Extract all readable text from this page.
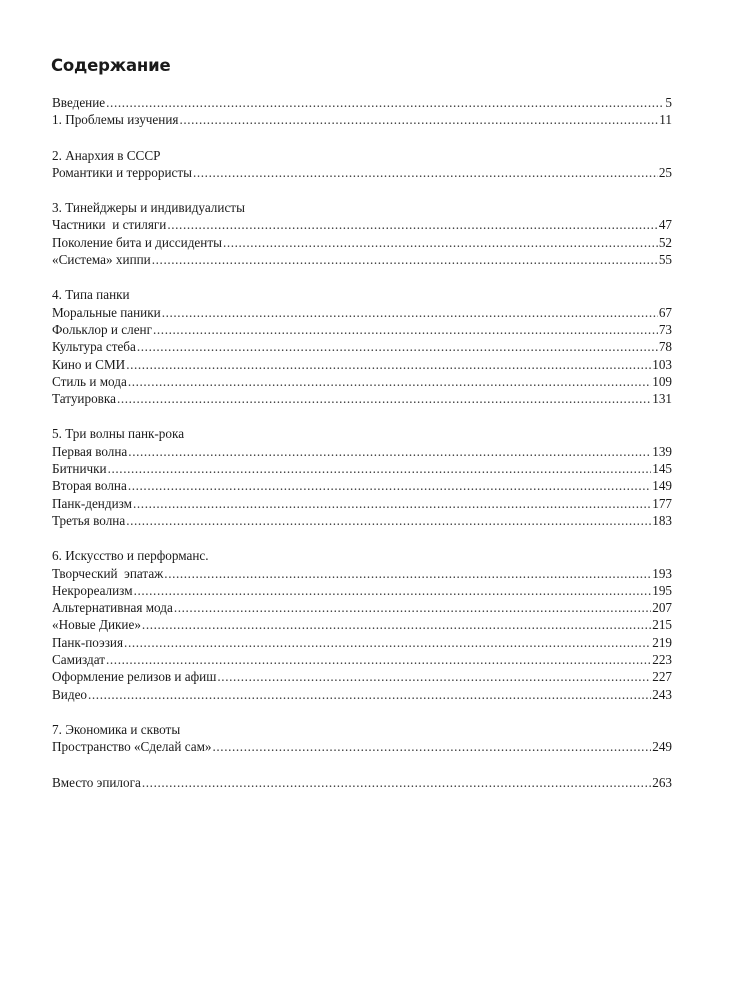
Содержание
Введение .....	5
1. Проблемы изучения .....	11
2. Анархия в СССР
Романтики и террористы .....	25
3. Тинейджеры и индивидуалисты
Частники  и стиляги .....	47
Поколение бита и диссиденты .....	52
«Система» хиппи .....	55
4. Типа панки
Моральные паники .....	67
Фольклор и сленг .....	73
Культура стеба .....	78
Кино и СМИ .....	103
Стиль и мода .....	109
Татуировка .....	131
5. Три волны панк-рока
Первая волна .....	139
Битнички .....	145
Вторая волна .....	149
Панк-дендизм .....	177
Третья волна .....	183
6. Искусство и перформанс.
Творческий  эпатаж .....	193
Некрореализм .....	195
Альтернативная мода .....	207
«Новые Дикие» .....	215
Панк-поэзия .....	219
Самиздат .....	223
Оформление релизов и афиш .....	227
Видео .....	243
7. Экономика и сквоты
Пространство «Сделай сам» .....	249
Вместо эпилога .....	263
